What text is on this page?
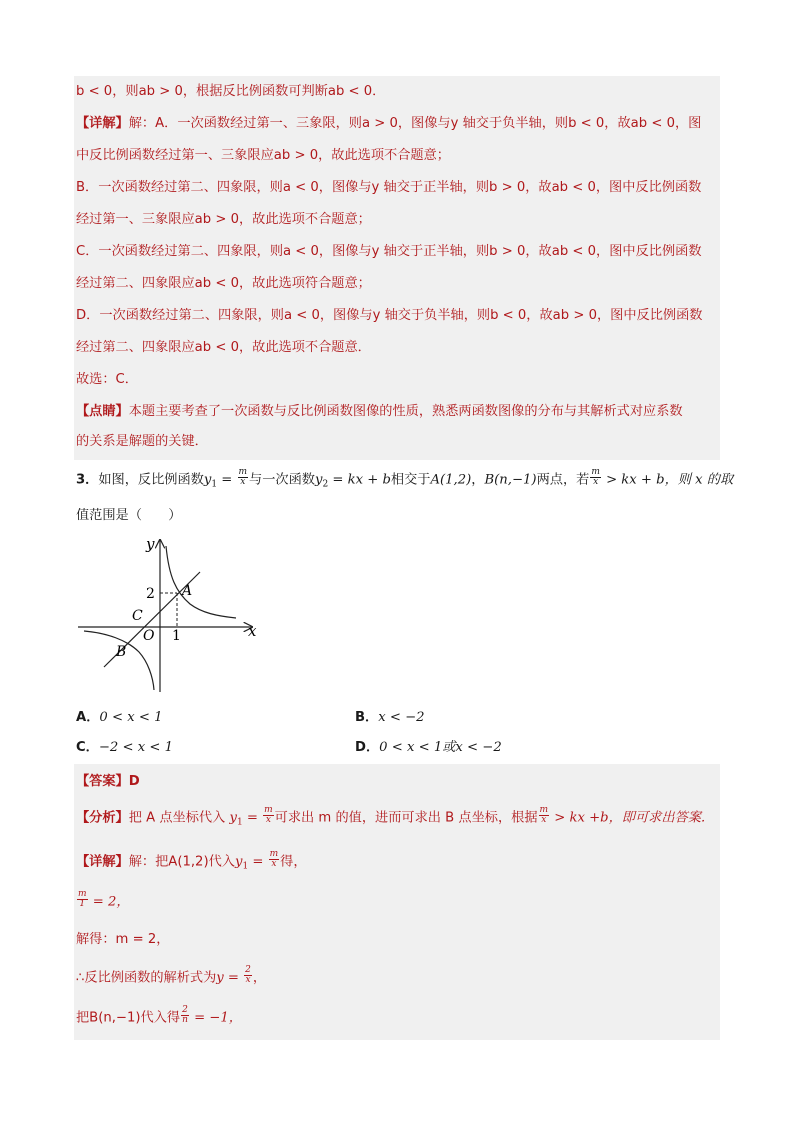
b < 0，则ab > 0，根据反比例函数可判断ab < 0．
【详解】解：A．一次函数经过第一、三象限，则a > 0，图像与y 轴交于负半轴，则b < 0，故ab < 0，图
中反比例函数经过第一、三象限应ab > 0，故此选项不合题意；
B．一次函数经过第二、四象限，则a < 0，图像与y 轴交于正半轴，则b > 0，故ab < 0，图中反比例函数
经过第一、三象限应ab > 0，故此选项不合题意；
C．一次函数经过第二、四象限，则a < 0，图像与y 轴交于正半轴，则b > 0，故ab < 0，图中反比例函数
经过第二、四象限应ab < 0，故此选项符合题意；
D．一次函数经过第二、四象限，则a < 0，图像与y 轴交于负半轴，则b < 0，故ab > 0，图中反比例函数
经过第二、四象限应ab < 0，故此选项不合题意．
故选：C．
【点睛】本题主要考查了一次函数与反比例函数图像的性质，熟悉两函数图像的分布与其解析式对应系数
的关系是解题的关键．
3．如图，反比例函数$y_1 = \frac{m}{x}$ 与一次函数$y_2$ = kx + b相交于A(1,2)，B(n,−1)两点，若 $\frac{m}{x}$ > kx + b，则 x 的取
值范围是（　　）
y
x
O
A
B
C
2
1
A．0 < x < 1	B．x < −2
C．−2 < x < 1	D．0 < x < 1或x < −2
【答案】D
【分析】把 A 点坐标代入 $y_1 = \frac{m}{x}$ 可求出 m 的值，进而可求出 B 点坐标，根据 $\frac{m}{x}$ > kx +b，即可求出答案．
【详解】解：把A(1,2)代入$y_1 = \frac{m}{x}$ 得，
$\frac{m}{1} = 2$，
解得：m = 2，
∴反比例函数的解析式为$y = \frac{2}{x}$ ，
把B(n,−1)代入得 $\frac{2}{n} = -1$，
